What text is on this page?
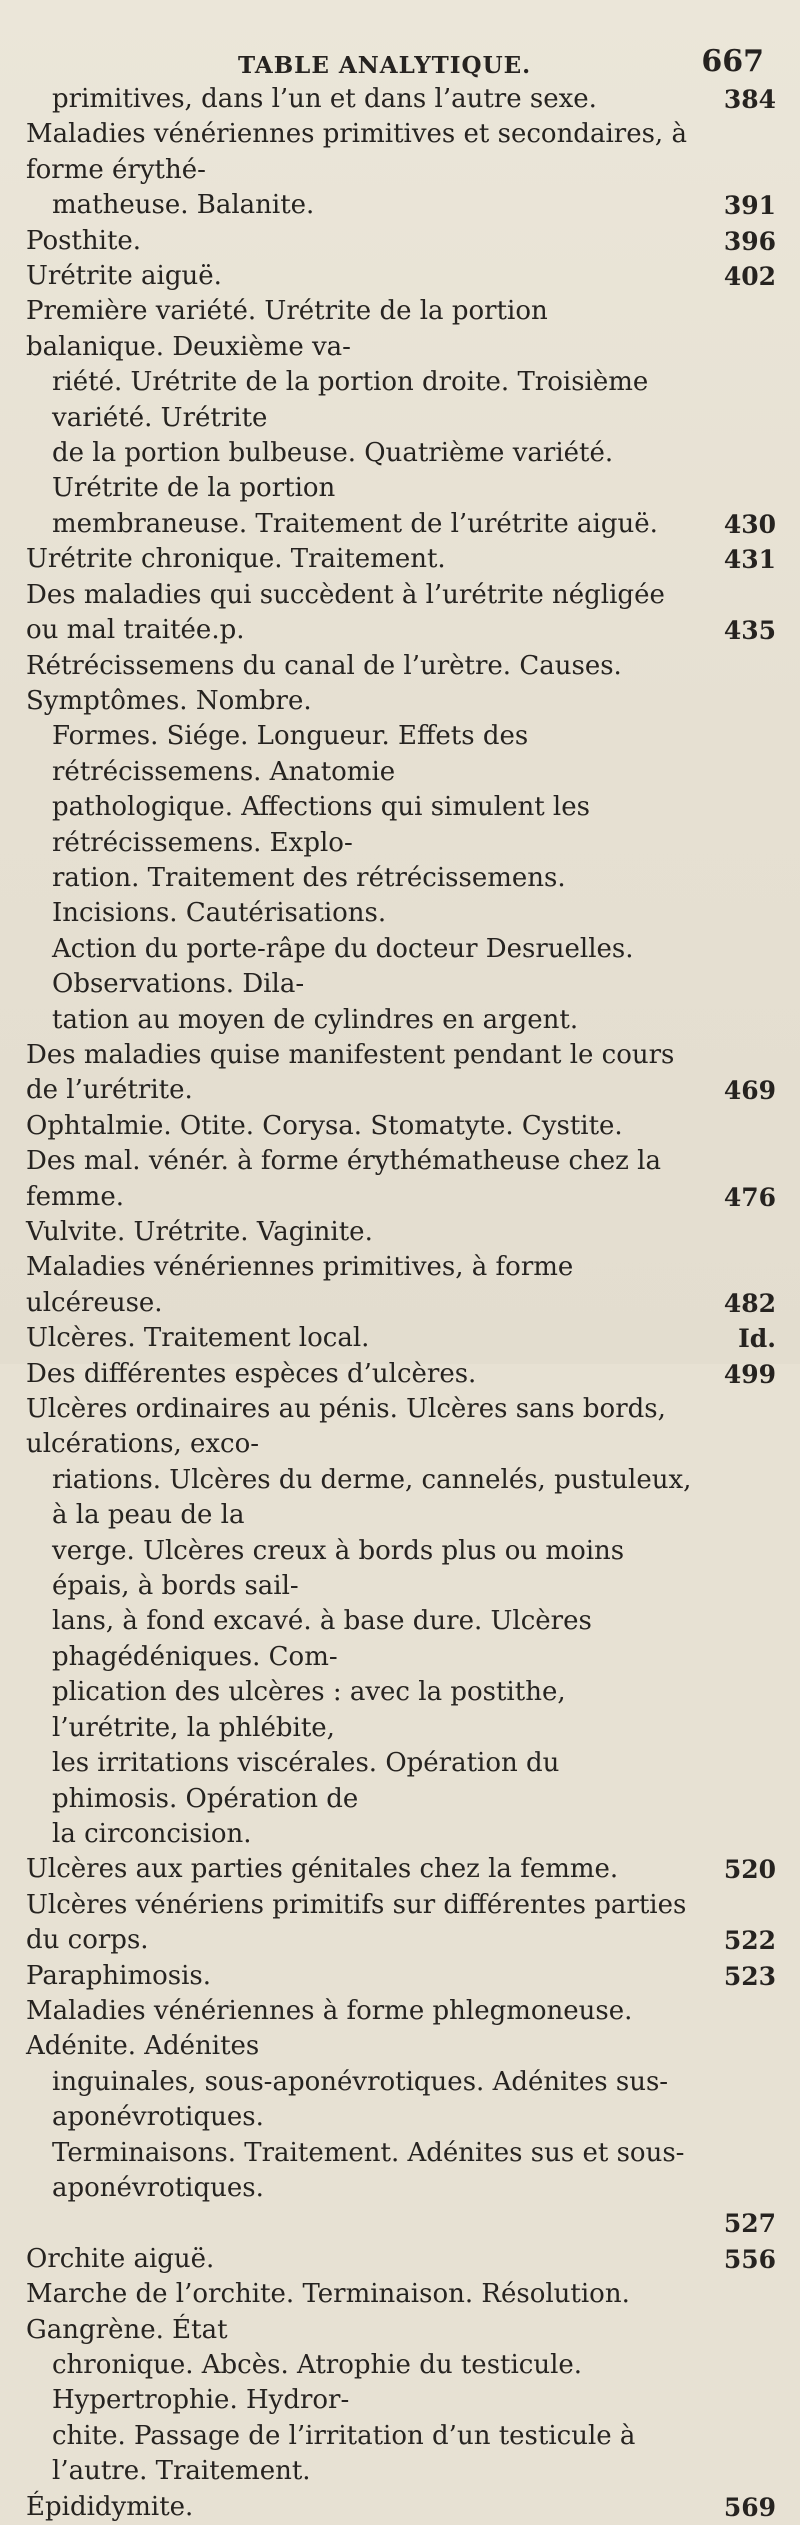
TABLE ANALYTIQUE.	667
primitives, dans l’un et dans l’autre sexe.	384
Maladies vénériennes primitives et secondaires, à forme érythé-
matheuse. Balanite.	391
Posthite.	396
Urétrite aiguë.	402
Première variété. Urétrite de la portion balanique. Deuxième va-
riété. Urétrite de la portion droite. Troisième variété. Urétrite
de la portion bulbeuse. Quatrième variété. Urétrite de la portion
membraneuse. Traitement de l’urétrite aiguë.	430
Urétrite chronique. Traitement.	431
Des maladies qui succèdent à l’urétrite négligée ou mal traitée.p.	435
Rétrécissemens du canal de l’urètre. Causes. Symptômes. Nombre.
Formes. Siége. Longueur. Effets des rétrécissemens. Anatomie
pathologique. Affections qui simulent les rétrécissemens. Explo-
ration. Traitement des rétrécissemens. Incisions. Cautérisations.
Action du porte-râpe du docteur Desruelles. Observations. Dila-
tation au moyen de cylindres en argent.
Des maladies quise manifestent pendant le cours de l’urétrite.	469
Ophtalmie. Otite. Corysa. Stomatyte. Cystite.
Des mal. vénér. à forme érythématheuse chez la femme.	476
Vulvite. Urétrite. Vaginite.
Maladies vénériennes primitives, à forme ulcéreuse.	482
Ulcères. Traitement local.	Id.
Des différentes espèces d’ulcères.	499
Ulcères ordinaires au pénis. Ulcères sans bords, ulcérations, exco-
riations. Ulcères du derme, cannelés, pustuleux, à la peau de la
verge. Ulcères creux à bords plus ou moins épais, à bords sail-
lans, à fond excavé. à base dure. Ulcères phagédéniques. Com-
plication des ulcères : avec la postithe, l’urétrite, la phlébite,
les irritations viscérales. Opération du phimosis. Opération de
la circoncision.
Ulcères aux parties génitales chez la femme.	520
Ulcères vénériens primitifs sur différentes parties du corps.	522
Paraphimosis.	523
Maladies vénériennes à forme phlegmoneuse. Adénite. Adénites
inguinales, sous-aponévrotiques. Adénites sus-aponévrotiques.
Terminaisons. Traitement. Adénites sus et sous-aponévrotiques.
527
Orchite aiguë.	556
Marche de l’orchite. Terminaison. Résolution. Gangrène. État
chronique. Abcès. Atrophie du testicule. Hypertrophie. Hydror-
chite. Passage de l’irritation d’un testicule à l’autre. Traitement.
Épididymite.	569
